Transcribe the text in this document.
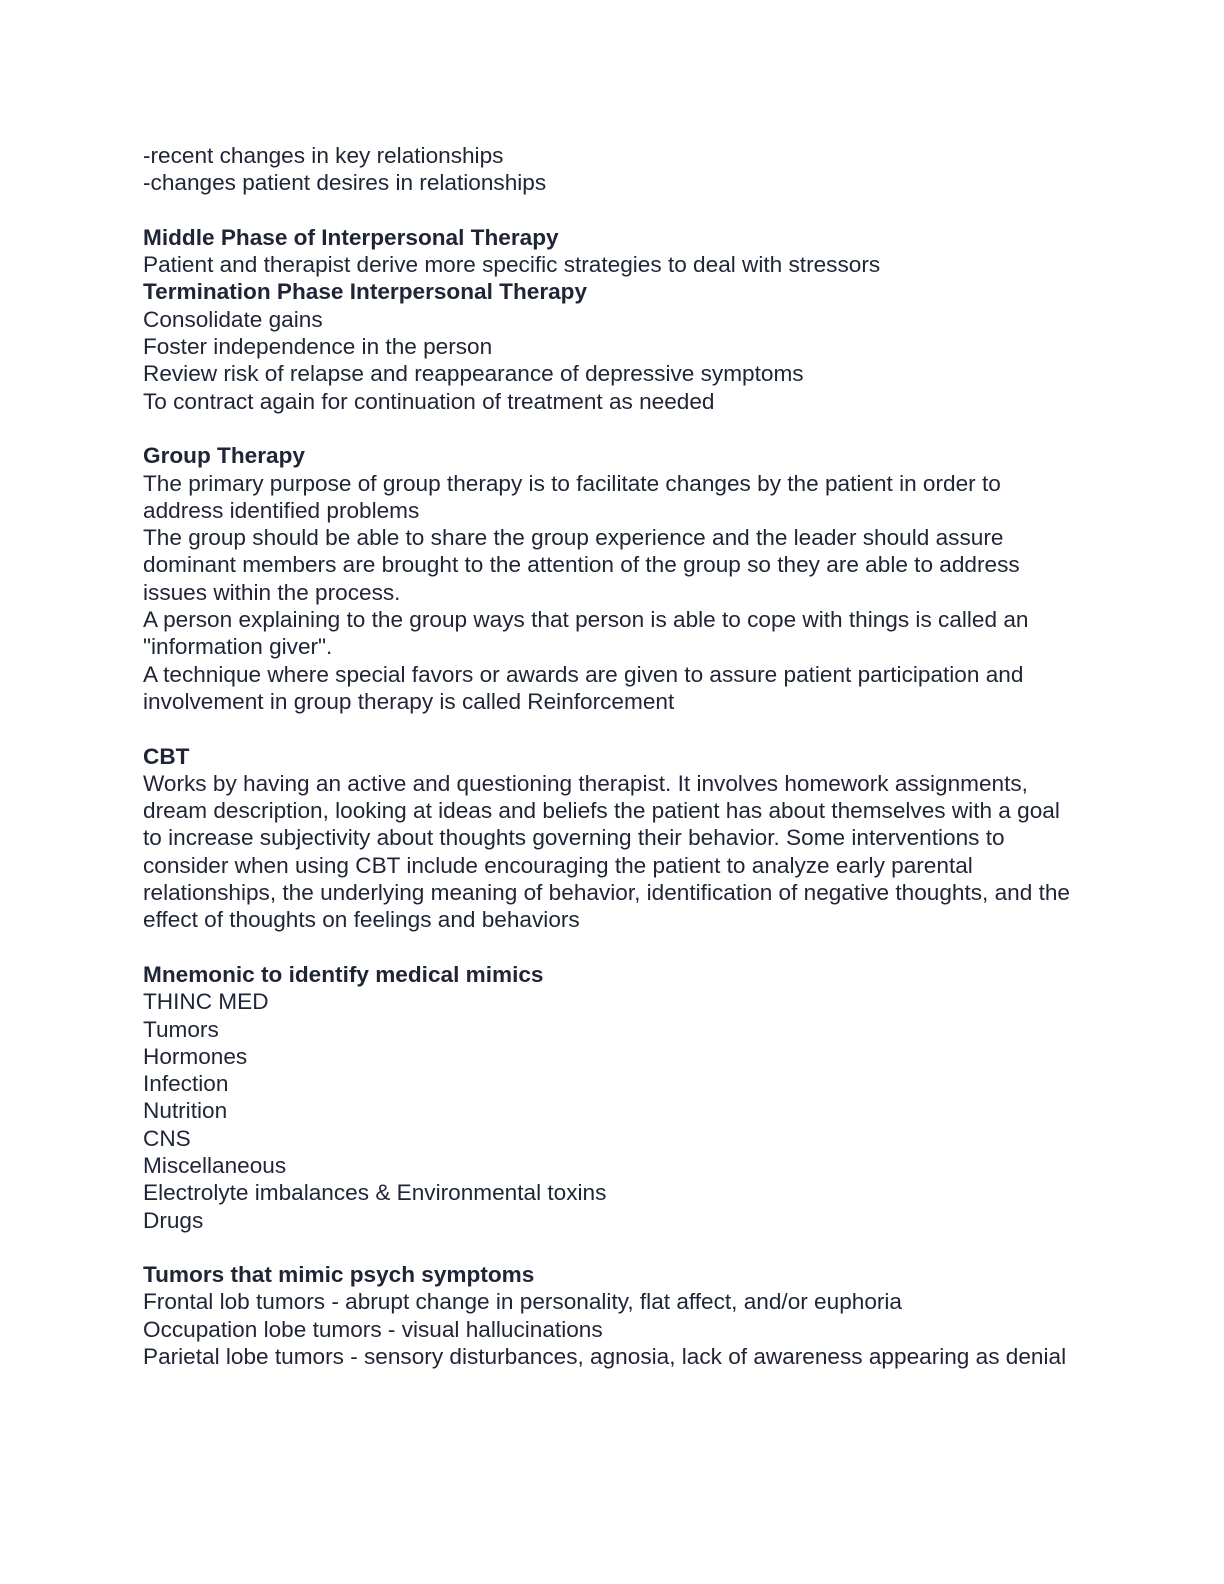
-recent changes in key relationships

-changes patient desires in relationships

Middle Phase of Interpersonal Therapy

Patient and therapist derive more specific strategies to deal with stressors

Termination Phase Interpersonal Therapy

Consolidate gains

Foster independence in the person

Review risk of relapse and reappearance of depressive symptoms

To contract again for continuation of treatment as needed

Group Therapy

The primary purpose of group therapy is to facilitate changes by the patient in order to address identified problems

The group should be able to share the group experience and the leader should assure dominant members are brought to the attention of the group so they are able to address issues within the process.

A person explaining to the group ways that person is able to cope with things is called an "information giver".

A technique where special favors or awards are given to assure patient participation and involvement in group therapy is called Reinforcement

CBT

Works by having an active and questioning therapist. It involves homework assignments, dream description, looking at ideas and beliefs the patient has about themselves with a goal to increase subjectivity about thoughts governing their behavior. Some interventions to consider when using CBT include encouraging the patient to analyze early parental relationships, the underlying meaning of behavior, identification of negative thoughts, and the effect of thoughts on feelings and behaviors

Mnemonic to identify medical mimics

THINC MED

Tumors

Hormones

Infection

Nutrition

CNS

Miscellaneous

Electrolyte imbalances & Environmental toxins

Drugs

Tumors that mimic psych symptoms

Frontal lob tumors - abrupt change in personality, flat affect, and/or euphoria

Occupation lobe tumors - visual hallucinations

Parietal lobe tumors - sensory disturbances, agnosia, lack of awareness appearing as denial
